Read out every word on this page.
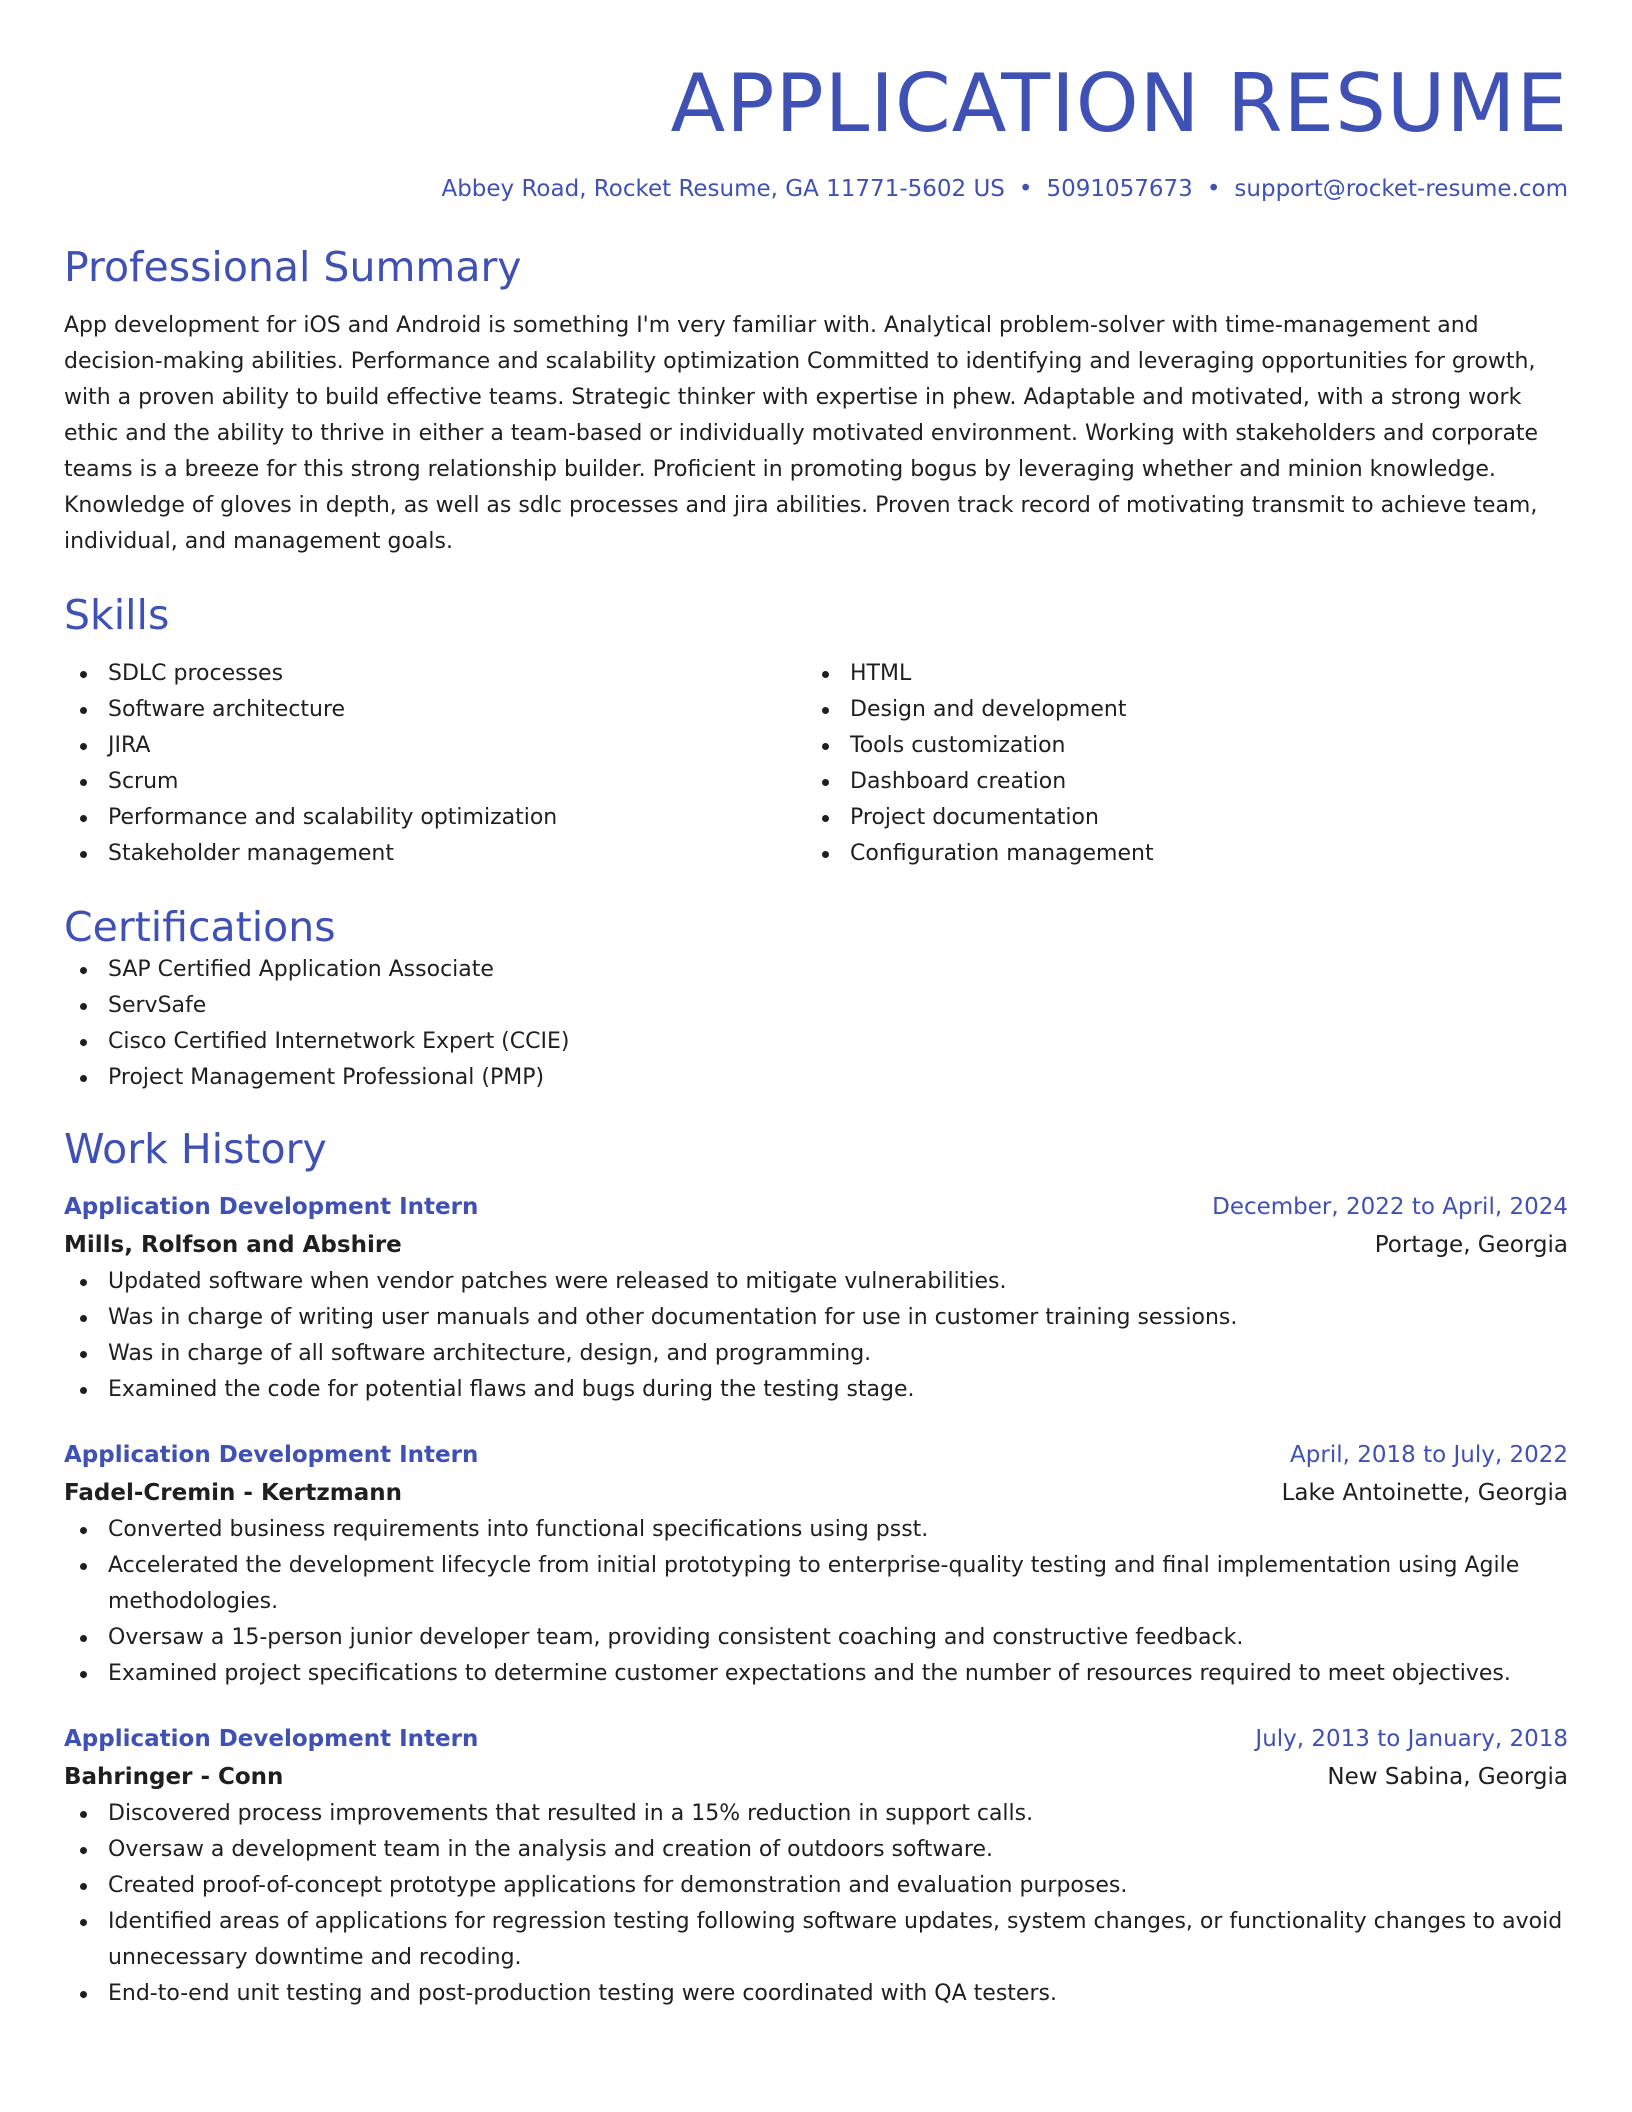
APPLICATION RESUME
Abbey Road, Rocket Resume, GA 11771-5602 US • 5091057673 • support@rocket-resume.com
Professional Summary

App development for iOS and Android is something I'm very familiar with. Analytical problem-solver with time-management and decision-making abilities. Performance and scalability optimization Committed to identifying and leveraging opportunities for growth, with a proven ability to build effective teams. Strategic thinker with expertise in phew. Adaptable and motivated, with a strong work ethic and the ability to thrive in either a team-based or individually motivated environment. Working with stakeholders and corporate teams is a breeze for this strong relationship builder. Proficient in promoting bogus by leveraging whether and minion knowledge. Knowledge of gloves in depth, as well as sdlc processes and jira abilities. Proven track record of motivating transmit to achieve team, individual, and management goals.

Skills
SDLC processes
Software architecture
JIRA
Scrum
Performance and scalability optimization
Stakeholder management
HTML
Design and development
Tools customization
Dashboard creation
Project documentation
Configuration management
Certifications
SAP Certified Application Associate
ServSafe
Cisco Certified Internetwork Expert (CCIE)
Project Management Professional (PMP)
Work History
Application Development Intern	December, 2022 to April, 2024
Mills, Rolfson and Abshire	Portage, Georgia
Updated software when vendor patches were released to mitigate vulnerabilities.
Was in charge of writing user manuals and other documentation for use in customer training sessions.
Was in charge of all software architecture, design, and programming.
Examined the code for potential flaws and bugs during the testing stage.
Application Development Intern	April, 2018 to July, 2022
Fadel-Cremin - Kertzmann	Lake Antoinette, Georgia
Converted business requirements into functional specifications using psst.
Accelerated the development lifecycle from initial prototyping to enterprise-quality testing and final implementation using Agile methodologies.
Oversaw a 15-person junior developer team, providing consistent coaching and constructive feedback.
Examined project specifications to determine customer expectations and the number of resources required to meet objectives.
Application Development Intern	July, 2013 to January, 2018
Bahringer - Conn	New Sabina, Georgia
Discovered process improvements that resulted in a 15% reduction in support calls.
Oversaw a development team in the analysis and creation of outdoors software.
Created proof-of-concept prototype applications for demonstration and evaluation purposes.
Identified areas of applications for regression testing following software updates, system changes, or functionality changes to avoid unnecessary downtime and recoding.
End-to-end unit testing and post-production testing were coordinated with QA testers.
